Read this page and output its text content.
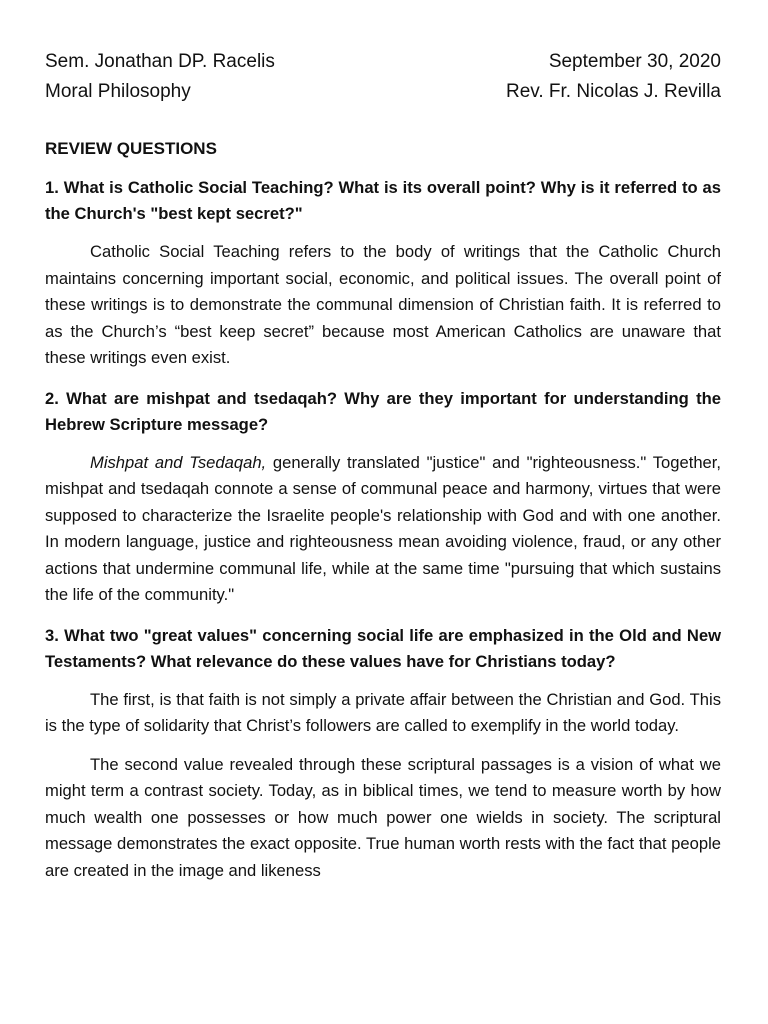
Sem. Jonathan DP. Racelis	September 30, 2020
Moral Philosophy	Rev. Fr. Nicolas J. Revilla
REVIEW QUESTIONS
1. What is Catholic Social Teaching? What is its overall point? Why is it referred to as the Church's "best kept secret?"
Catholic Social Teaching refers to the body of writings that the Catholic Church maintains concerning important social, economic, and political issues. The overall point of these writings is to demonstrate the communal dimension of Christian faith. It is referred to as the Church’s “best keep secret” because most American Catholics are unaware that these writings even exist.
2. What are mishpat and tsedaqah? Why are they important for understanding the Hebrew Scripture message?
Mishpat and Tsedaqah, generally translated "justice" and "righteousness." Together, mishpat and tsedaqah connote a sense of communal peace and harmony, virtues that were supposed to characterize the Israelite people's relationship with God and with one another. In modern language, justice and righteousness mean avoiding violence, fraud, or any other actions that undermine communal life, while at the same time "pursuing that which sustains the life of the community."
3. What two "great values" concerning social life are emphasized in the Old and New Testaments? What relevance do these values have for Christians today?
The first, is that faith is not simply a private affair between the Christian and God. This is the type of solidarity that Christ’s followers are called to exemplify in the world today.
The second value revealed through these scriptural passages is a vision of what we might term a contrast society. Today, as in biblical times, we tend to measure worth by how much wealth one possesses or how much power one wields in society. The scriptural message demonstrates the exact opposite. True human worth rests with the fact that people are created in the image and likeness
